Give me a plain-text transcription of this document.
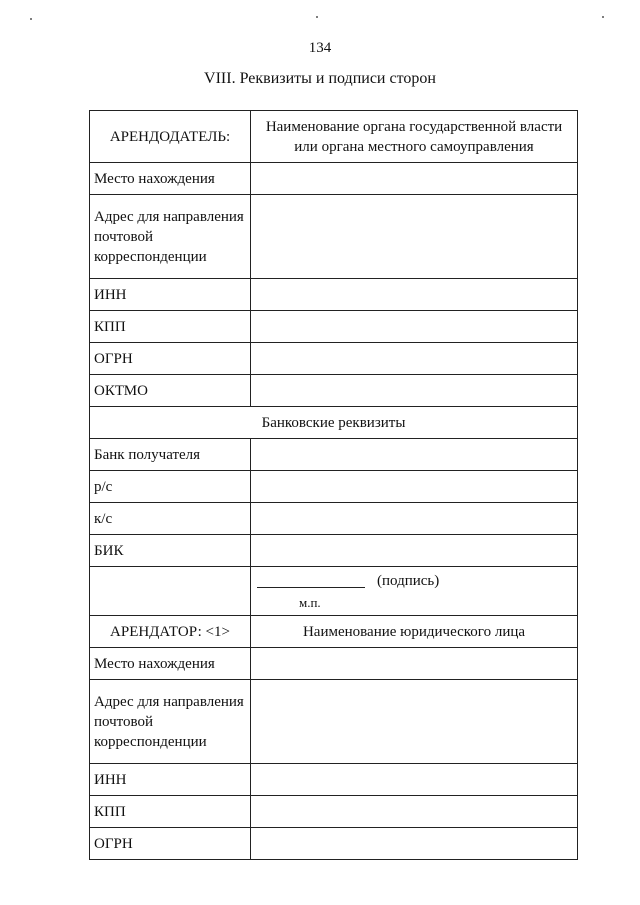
134
VIII. Реквизиты и подписи сторон
АРЕНДОДАТЕЛЬ:	Наименование органа государственной власти или органа местного самоуправления
Место нахождения	
Адрес для направления почтовой корреспонденции	
ИНН	
КПП	
ОГРН	
ОКТМО	
Банковские реквизиты	
Банк получателя	
р/с	
к/с	
БИК	

	(подпись)
м.п.

АРЕНДАТОР: <1>	Наименование юридического лица
Место нахождения	
Адрес для направления почтовой корреспонденции	
ИНН	
КПП	
ОГРН	
